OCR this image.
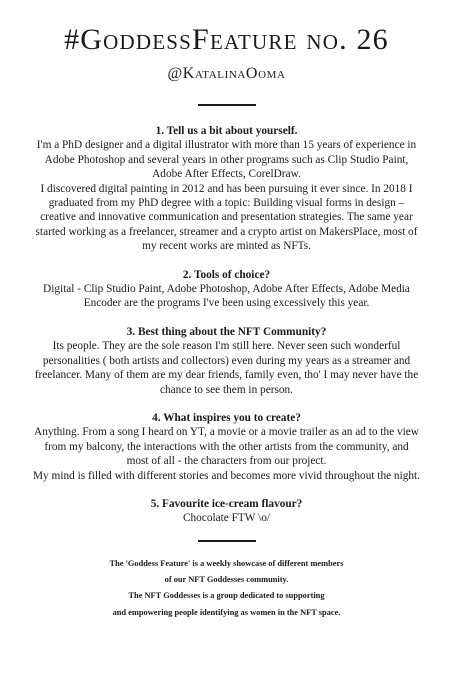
#GoddessFeature no. 26
@KatalinaOoma

1. Tell us a bit about yourself.

I'm a PhD designer and a digital illustrator with more than 15 years of experience in

Adobe Photoshop and several years in other programs such as Clip Studio Paint,

Adobe After Effects, CorelDraw.

I discovered digital painting in 2012 and has been pursuing it ever since. In 2018 I

graduated from my PhD degree with a topic: Building visual forms in design –

creative and innovative communication and presentation strategies. The same year

started working as a freelancer, streamer and a crypto artist on MakersPlace, most of

my recent works are minted as NFTs.

2. Tools of choice?

Digital - Clip Studio Paint, Adobe Photoshop, Adobe After Effects, Adobe Media

Encoder are the programs I've been using excessively this year.

3. Best thing about the NFT Community?

Its people. They are the sole reason I'm still here. Never seen such wonderful

personalities ( both artists and collectors) even during my years as a streamer and

freelancer. Many of them are my dear friends, family even, tho' I may never have the

chance to see them in person.

4. What inspires you to create?

Anything. From a song I heard on YT, a movie or a movie trailer as an ad to the view

from my balcony, the interactions with the other artists from the community, and

most of all - the characters from our project.

My mind is filled with different stories and becomes more vivid throughout the night.

5. Favourite ice-cream flavour?

Chocolate FTW \o/

The 'Goddess Feature' is a weekly showcase of different members

of our NFT Goddesses community.

The NFT Goddesses is a group dedicated to supporting

and empowering people identifying as women in the NFT space.
